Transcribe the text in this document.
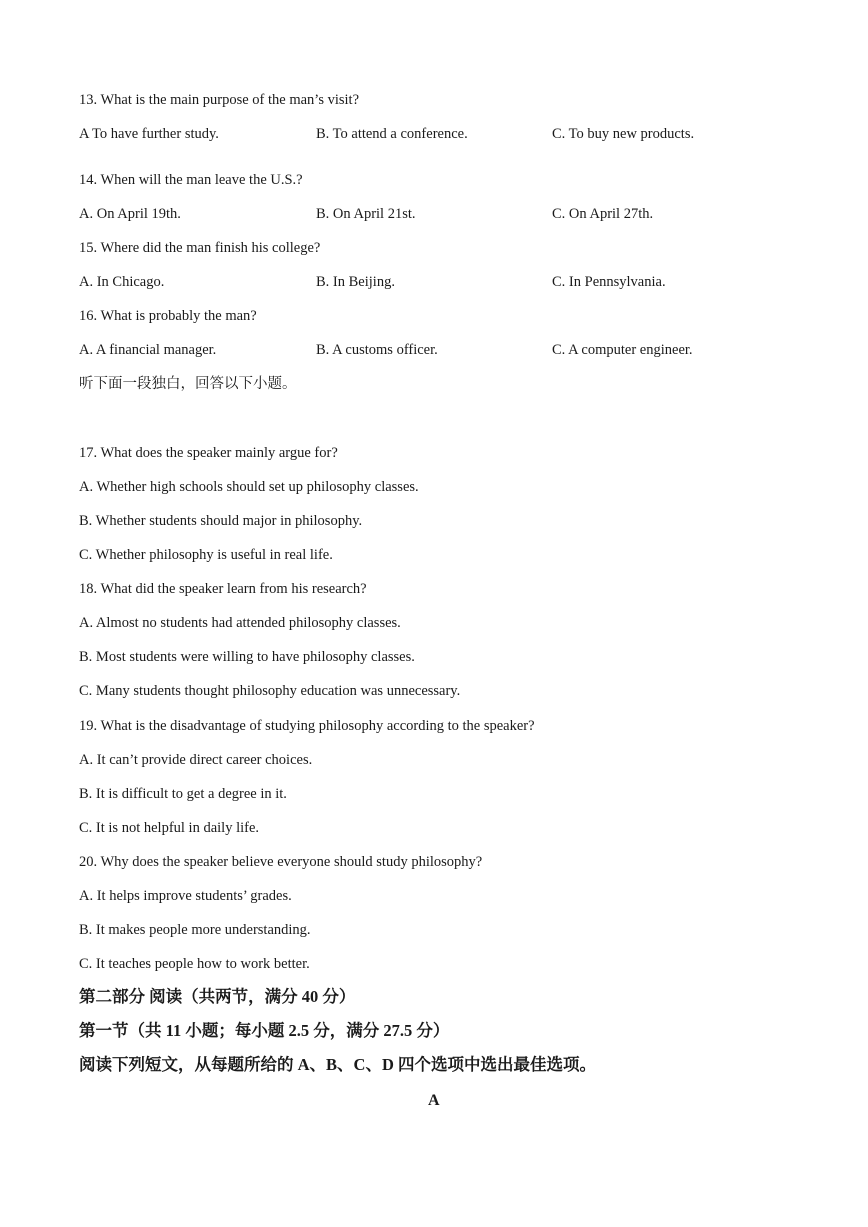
13. What is the main purpose of the man’s visit?
A To have further study.	B. To attend a conference.	C. To buy new products.
14. When will the man leave the U.S.?
A. On April 19th.	B. On April 21st.	C. On April 27th.
15. Where did the man finish his college?
A. In Chicago.	B. In Beijing.	C. In Pennsylvania.
16. What is probably the man?
A. A financial manager.	B. A customs officer.	C. A computer engineer.
听下面一段独白，回答以下小题。
17. What does the speaker mainly argue for?
A. Whether high schools should set up philosophy classes.
B. Whether students should major in philosophy.
C. Whether philosophy is useful in real life.
18. What did the speaker learn from his research?
A. Almost no students had attended philosophy classes.
B. Most students were willing to have philosophy classes.
C. Many students thought philosophy education was unnecessary.
19. What is the disadvantage of studying philosophy according to the speaker?
A. It can’t provide direct career choices.
B. It is difficult to get a degree in it.
C. It is not helpful in daily life.
20. Why does the speaker believe everyone should study philosophy?
A. It helps improve students’ grades.
B. It makes people more understanding.
C. It teaches people how to work better.
第二部分 阅读（共两节，满分 40 分）
第一节（共 11 小题；每小题 2.5 分，满分 27.5 分）
阅读下列短文，从每题所给的 A、B、C、D 四个选项中选出最佳选项。
A
